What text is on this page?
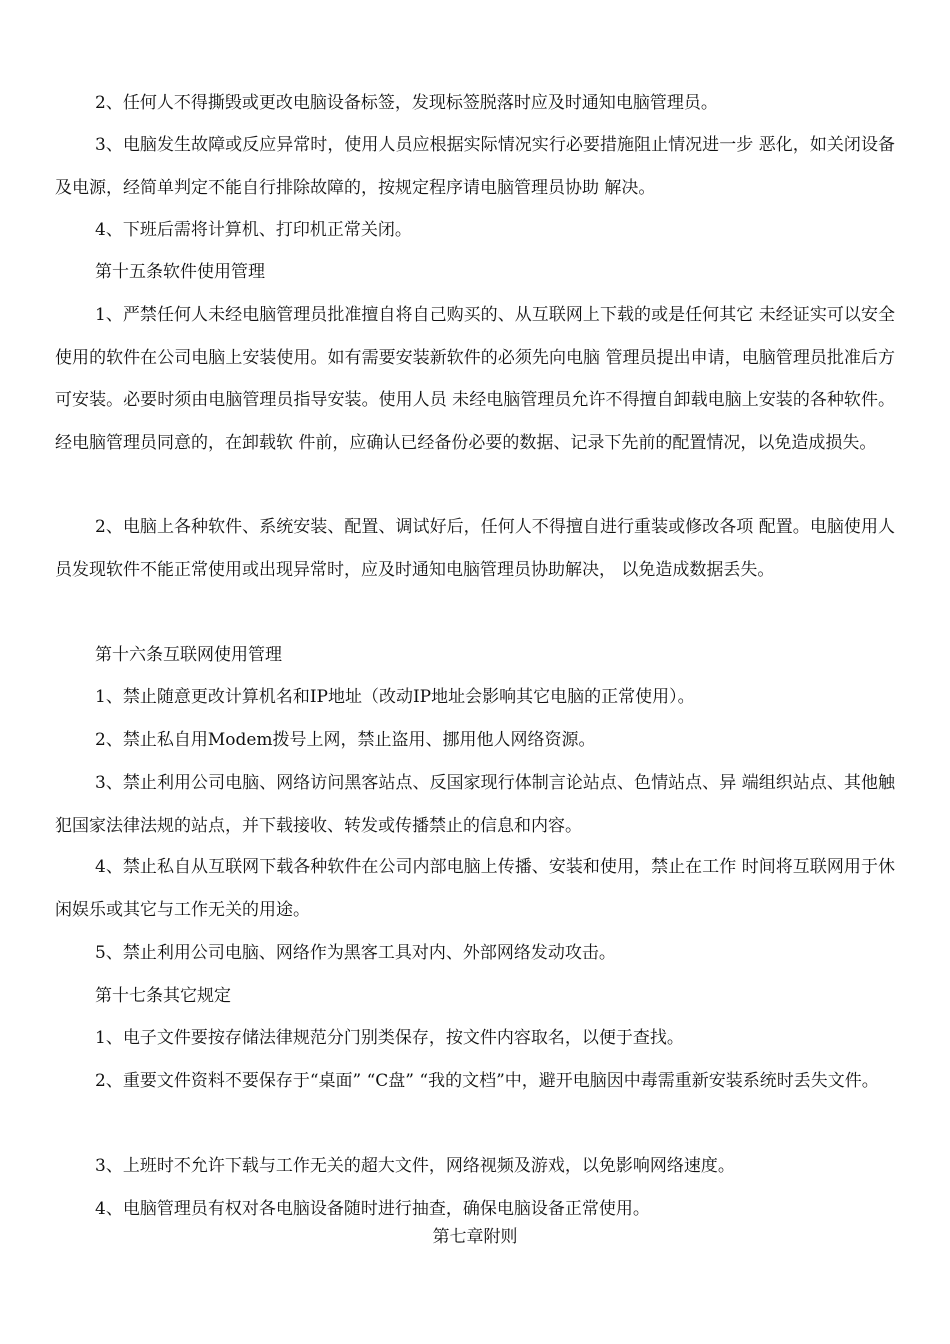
2、任何人不得撕毁或更改电脑设备标签，发现标签脱落时应及时通知电脑管理员。

3、电脑发生故障或反应异常时，使用人员应根据实际情况实行必要措施阻止情况进一步 恶化，如关闭设备及电源，经简单判定不能自行排除故障的，按规定程序请电脑管理员协助 解决。

4、下班后需将计算机、打印机正常关闭。

第十五条软件使用管理

1、严禁任何人未经电脑管理员批准擅自将自己购买的、从互联网上下载的或是任何其它 未经证实可以安全使用的软件在公司电脑上安装使用。如有需要安装新软件的必须先向电脑 管理员提出申请，电脑管理员批准后方可安装。必要时须由电脑管理员指导安装。使用人员 未经电脑管理员允许不得擅自卸载电脑上安装的各种软件。经电脑管理员同意的，在卸载软 件前，应确认已经备份必要的数据、记录下先前的配置情况，以免造成损失。

2、电脑上各种软件、系统安装、配置、调试好后，任何人不得擅自进行重装或修改各项 配置。电脑使用人员发现软件不能正常使用或出现异常时，应及时通知电脑管理员协助解决， 以免造成数据丢失。

第十六条互联网使用管理

1、禁止随意更改计算机名和IP地址（改动IP地址会影响其它电脑的正常使用）。

2、禁止私自用Modem拨号上网，禁止盗用、挪用他人网络资源。

3、禁止利用公司电脑、网络访问黑客站点、反国家现行体制言论站点、色情站点、异 端组织站点、其他触犯国家法律法规的站点，并下载接收、转发或传播禁止的信息和内容。

4、禁止私自从互联网下载各种软件在公司内部电脑上传播、安装和使用，禁止在工作 时间将互联网用于休闲娱乐或其它与工作无关的用途。

5、禁止利用公司电脑、网络作为黑客工具对内、外部网络发动攻击。

第十七条其它规定

1、电子文件要按存储法律规范分门别类保存，按文件内容取名，以便于查找。

2、重要文件资料不要保存于“桌面” “C盘” “我的文档”中，避开电脑因中毒需重新安装系统时丢失文件。

3、上班时不允许下载与工作无关的超大文件，网络视频及游戏，以免影响网络速度。

4、电脑管理员有权对各电脑设备随时进行抽查，确保电脑设备正常使用。

第七章附则
